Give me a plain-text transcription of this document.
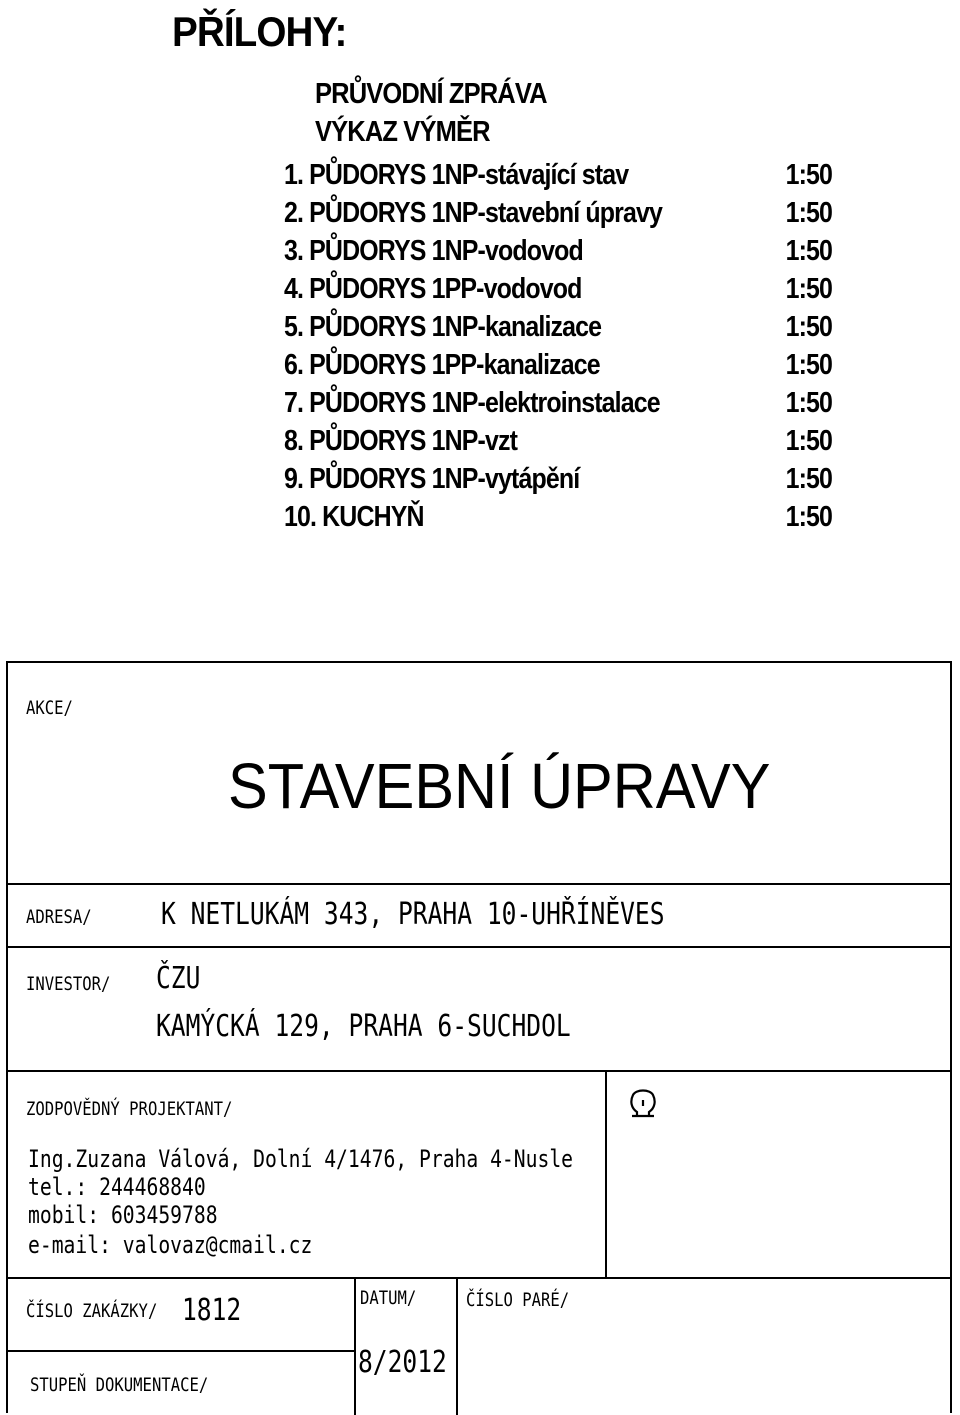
PŘÍLOHY:
PRŮVODNÍ ZPRÁVA
VÝKAZ VÝMĚR
1. PŮDORYS 1NP-stávající stav	1:50
2. PŮDORYS 1NP-stavební úpravy	1:50
3. PŮDORYS 1NP-vodovod	1:50
4. PŮDORYS 1PP-vodovod	1:50
5. PŮDORYS 1NP-kanalizace	1:50
6. PŮDORYS 1PP-kanalizace	1:50
7. PŮDORYS 1NP-elektroinstalace	1:50
8. PŮDORYS 1NP-vzt	1:50
9. PŮDORYS 1NP-vytápění	1:50
10. KUCHYŇ	1:50
AKCE/
STAVEBNÍ ÚPRAVY
ADRESA/ K NETLUKÁM 343, PRAHA 10-UHŘÍNĚVES
INVESTOR/ ČZU
KAMÝCKÁ 129, PRAHA 6-SUCHDOL
ZODPOVĚDNÝ PROJEKTANT/
Ing.Zuzana Válová, Dolní 4/1476, Praha 4-Nusle
tel.: 244468840
mobil: 603459788
e-mail: valovaz@cmail.cz
ČÍSLO ZAKÁZKY/ 1812	DATUM/
8/2012
ČÍSLO PARÉ/
STUPEŇ DOKUMENTACE/
